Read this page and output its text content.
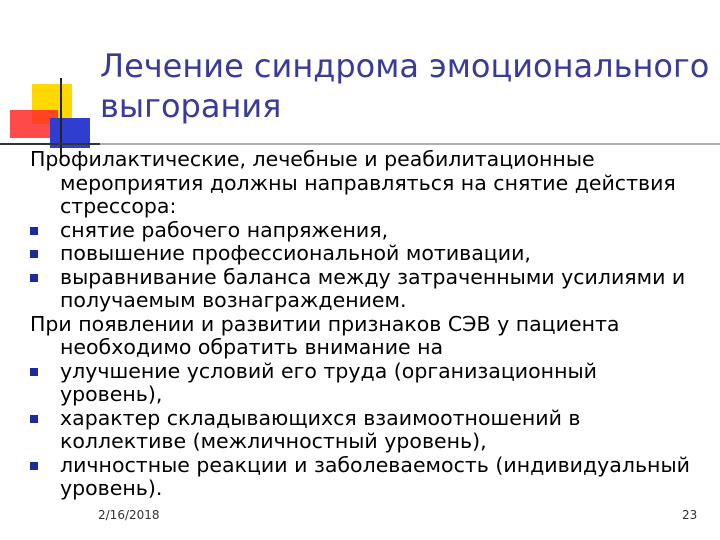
Лечение синдрома эмоционального выгорания

Профилактические, лечебные и реабилитационные мероприятия должны направляться на снятие действия стрессора:

снятие рабочего напряжения,
повышение профессиональной мотивации,
выравнивание баланса между затраченными усилиями и получаемым вознаграждением.

При появлении и развитии признаков СЭВ у пациента необходимо обратить внимание на

улучшение условий его труда (организационный уровень),
характер складывающихся взаимоотношений в коллективе (межличностный уровень),
личностные реакции и заболеваемость (индивидуальный уровень).
2/16/2018	23
